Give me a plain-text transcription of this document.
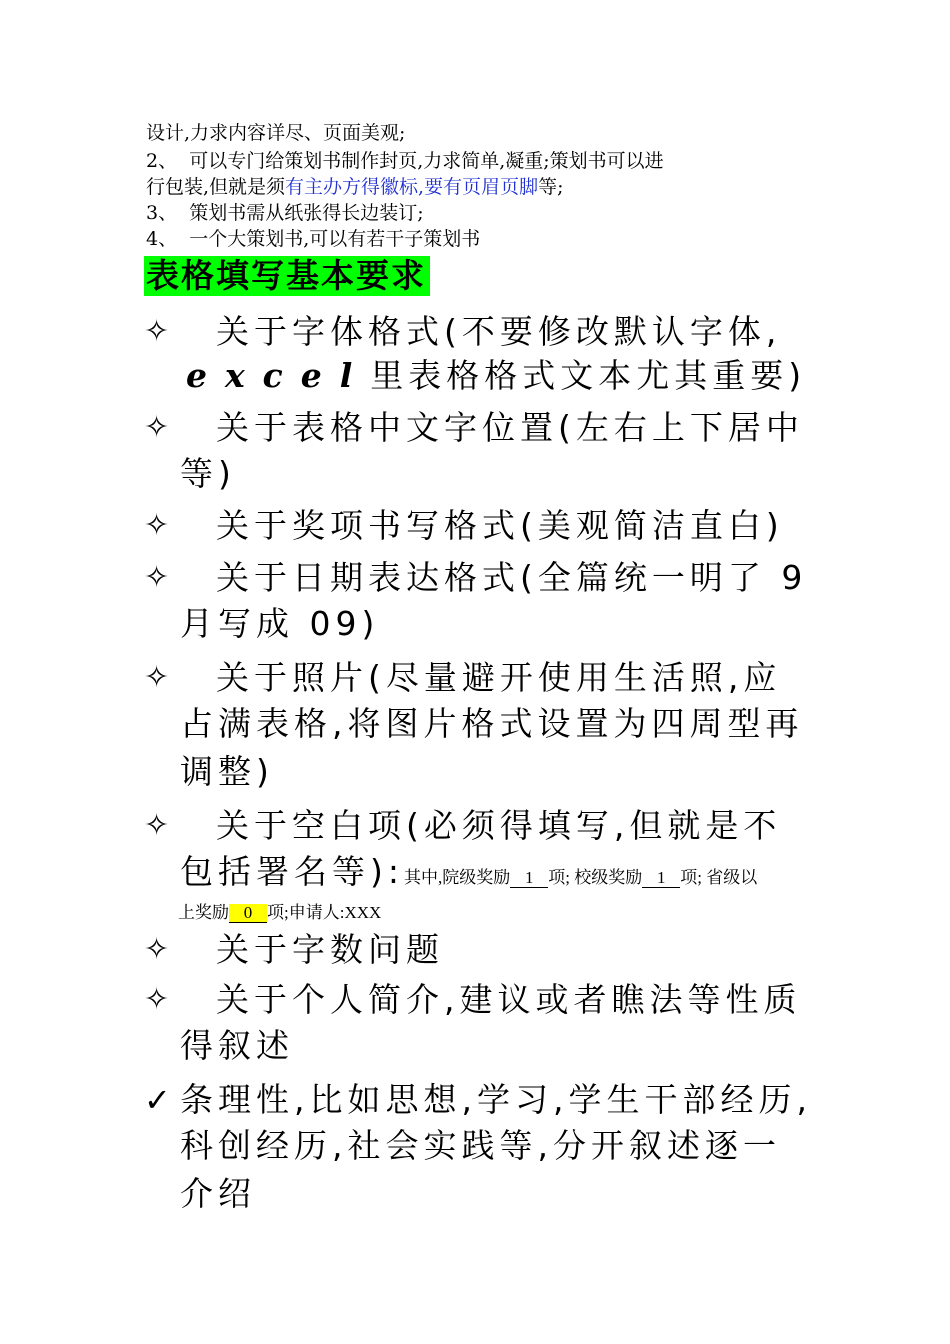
设计,力求内容详尽、页面美观;
2、 可以专门给策划书制作封页,力求简单,凝重;策划书可以进
行包装,但就是须有主办方得徽标,要有页眉页脚等;
3、 策划书需从纸张得长边装订;
4、 一个大策划书,可以有若干子策划书
表格填写基本要求
✧ 关于字体格式(不要修改默认字体,
excel里表格格式文本尤其重要)
✧ 关于表格中文字位置(左右上下居中
等)
✧ 关于奖项书写格式(美观简洁直白)
✧ 关于日期表达格式(全篇统一明了 9
月写成 09)
✧ 关于照片(尽量避开使用生活照,应
占满表格,将图片格式设置为四周型再
调整)
✧ 关于空白项(必须得填写,但就是不
包括署名等):其中,院级奖励 1 项; 校级奖励 1 项; 省级以
上奖励 0 项;申请人:XXX
✧ 关于字数问题
✧ 关于个人简介,建议或者瞧法等性质
得叙述
✓ 条理性,比如思想,学习,学生干部经历,
科创经历,社会实践等,分开叙述逐一
介绍
